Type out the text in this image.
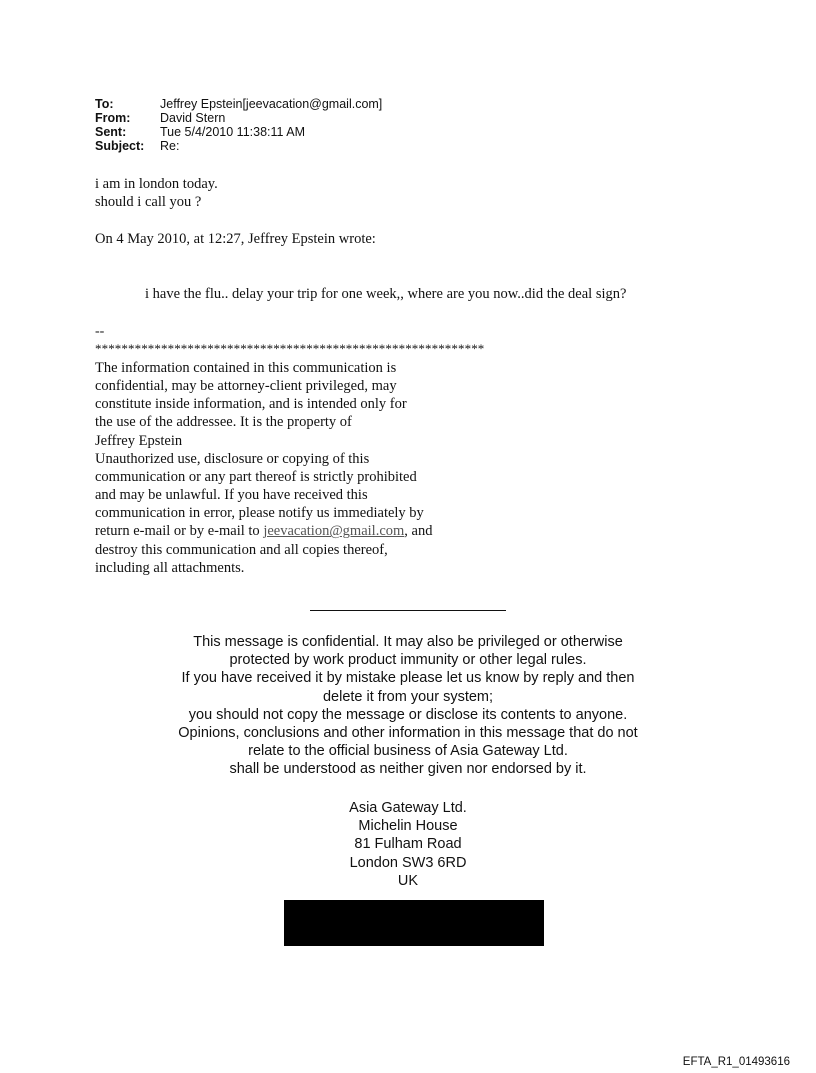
To:	Jeffrey Epstein[jeevacation@gmail.com]
From:	David Stern
Sent:	Tue 5/4/2010 11:38:11 AM
Subject:	Re:
i am in london today.
should i call you ?
On 4 May 2010, at 12:27, Jeffrey Epstein wrote:
i have the flu.. delay your trip for one week,, where are you now..did the deal sign?
--
***********************************************************
The information contained in this communication is
confidential, may be attorney-client privileged, may
constitute inside information, and is intended only for
the use of the addressee. It is the property of
Jeffrey Epstein
Unauthorized use, disclosure or copying of this
communication or any part thereof is strictly prohibited
and may be unlawful. If you have received this
communication in error, please notify us immediately by
return e-mail or by e-mail to jeevacation@gmail.com, and
destroy this communication and all copies thereof,
including all attachments.
This message is confidential. It may also be privileged or otherwise
protected by work product immunity or other legal rules.
If you have received it by mistake please let us know by reply and then
delete it from your system;
you should not copy the message or disclose its contents to anyone.
Opinions, conclusions and other information in this message that do not
relate to the official business of Asia Gateway Ltd.
shall be understood as neither given nor endorsed by it.
Asia Gateway Ltd.
Michelin House
81 Fulham Road
London SW3 6RD
UK
EFTA_R1_01493616
